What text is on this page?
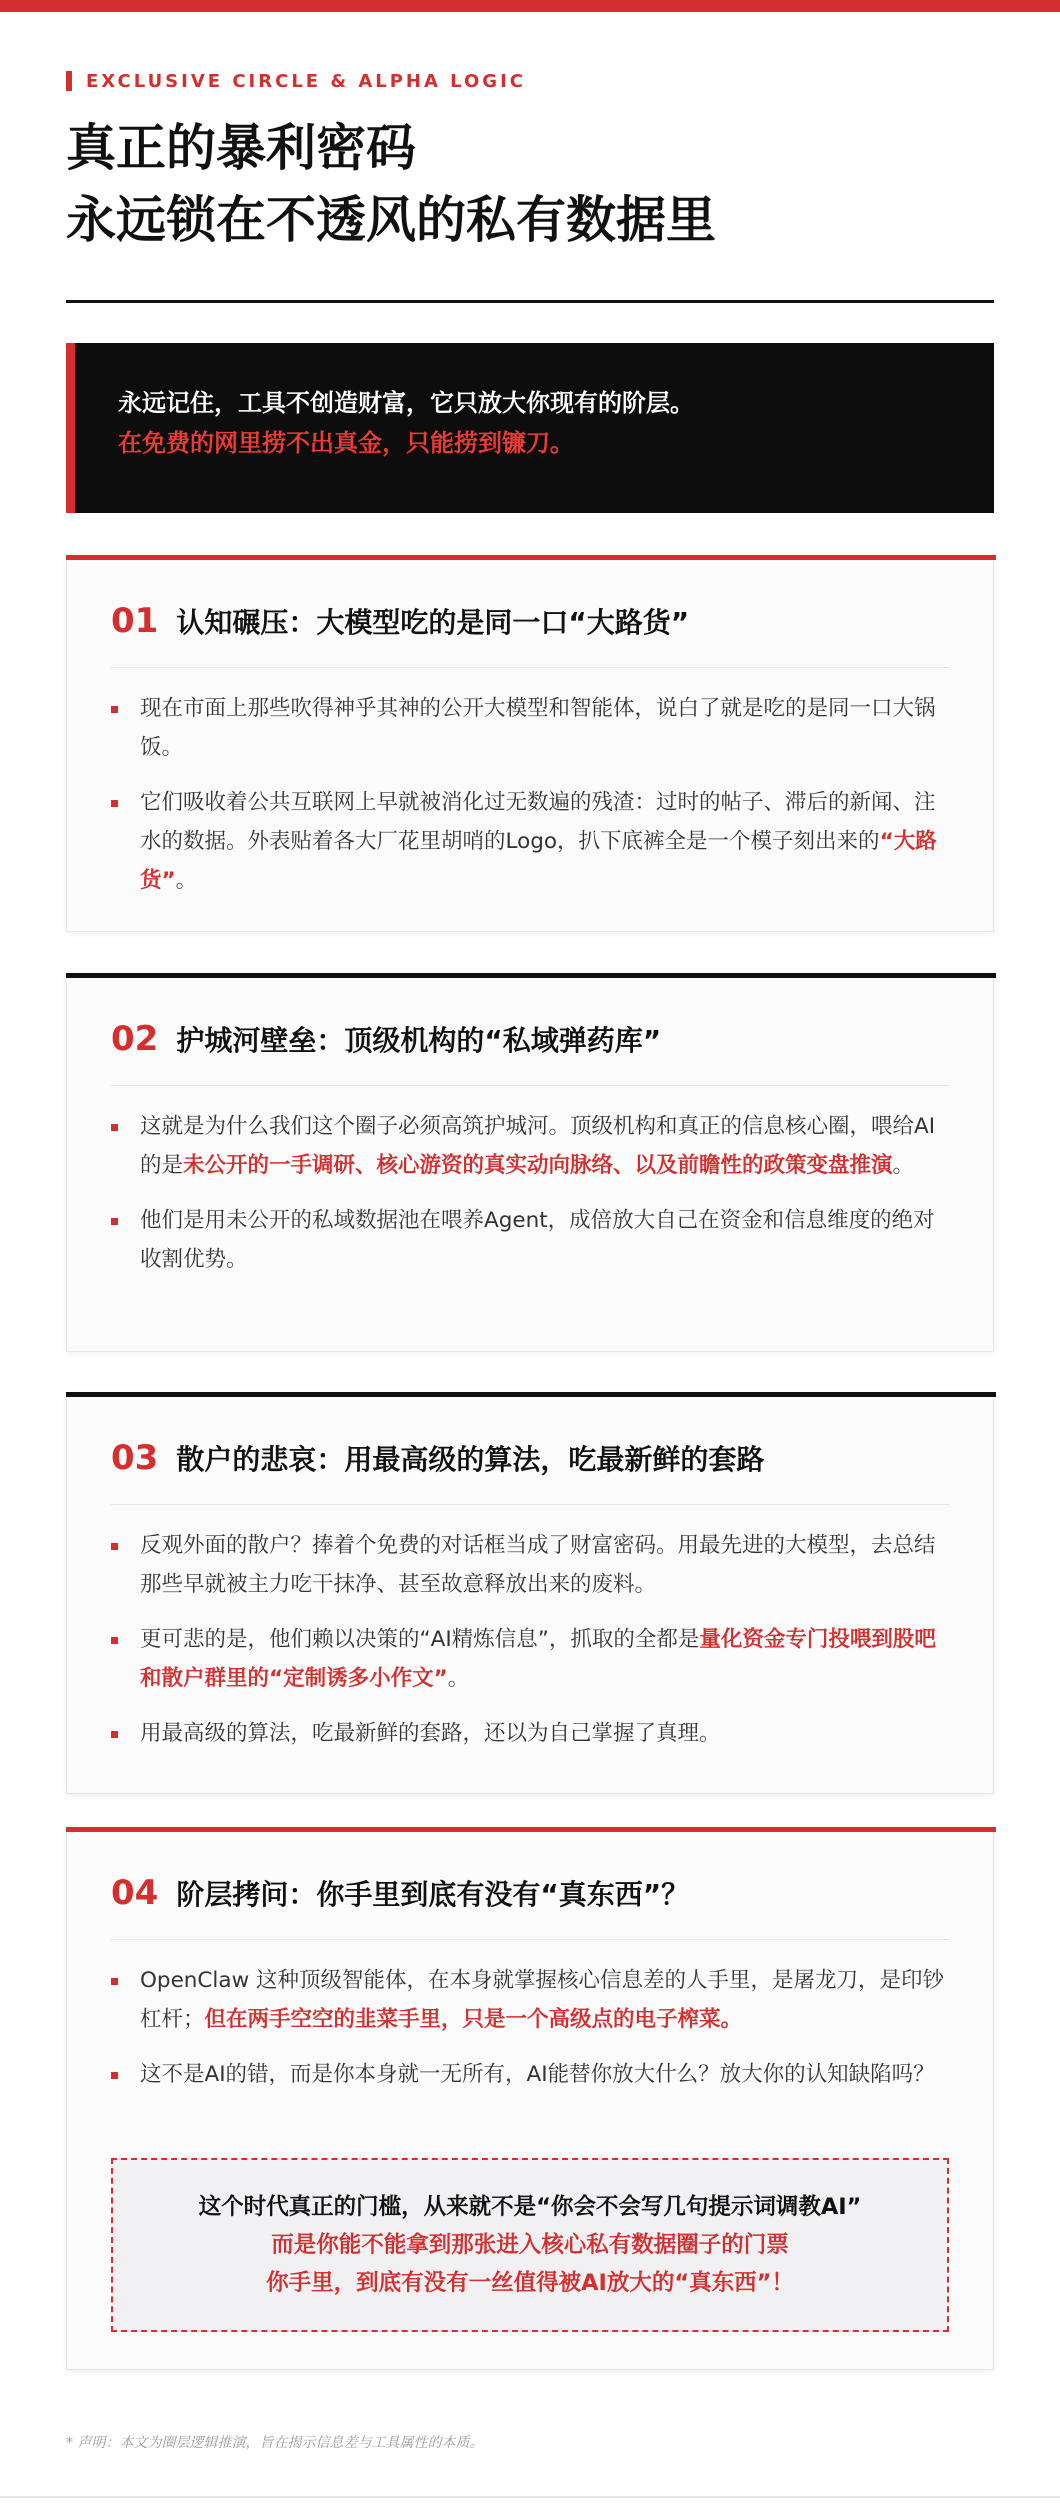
EXCLUSIVE CIRCLE & ALPHA LOGIC
真正的暴利密码
永远锁在不透风的私有数据里
永远记住，工具不创造财富，它只放大你现有的阶层。
在免费的网里捞不出真金，只能捞到镰刀。
01 认知碾压：大模型吃的是同一口“大路货”
现在市面上那些吹得神乎其神的公开大模型和智能体，说白了就是吃的是同一口大锅饭。
它们吸收着公共互联网上早就被消化过无数遍的残渣：过时的帖子、滞后的新闻、注水的数据。外表贴着各大厂花里胡哨的Logo，扒下底裤全是一个模子刻出来的“大路货”。
02 护城河壁垒：顶级机构的“私域弹药库”
这就是为什么我们这个圈子必须高筑护城河。顶级机构和真正的信息核心圈，喂给AI的是未公开的一手调研、核心游资的真实动向脉络、以及前瞻性的政策变盘推演。
他们是用未公开的私域数据池在喂养Agent，成倍放大自己在资金和信息维度的绝对收割优势。
03 散户的悲哀：用最高级的算法，吃最新鲜的套路
反观外面的散户？捧着个免费的对话框当成了财富密码。用最先进的大模型，去总结那些早就被主力吃干抹净、甚至故意释放出来的废料。
更可悲的是，他们赖以决策的“AI精炼信息”，抓取的全都是量化资金专门投喂到股吧和散户群里的“定制诱多小作文”。
用最高级的算法，吃最新鲜的套路，还以为自己掌握了真理。
04 阶层拷问：你手里到底有没有“真东西”？
OpenClaw 这种顶级智能体，在本身就掌握核心信息差的人手里，是屠龙刀，是印钞杠杆；但在两手空空的韭菜手里，只是一个高级点的电子榨菜。
这不是AI的错，而是你本身就一无所有，AI能替你放大什么？放大你的认知缺陷吗？
这个时代真正的门槛，从来就不是“你会不会写几句提示词调教AI”
而是你能不能拿到那张进入核心私有数据圈子的门票
你手里，到底有没有一丝值得被AI放大的“真东西”！
* 声明：本文为圈层逻辑推演，旨在揭示信息差与工具属性的本质。
